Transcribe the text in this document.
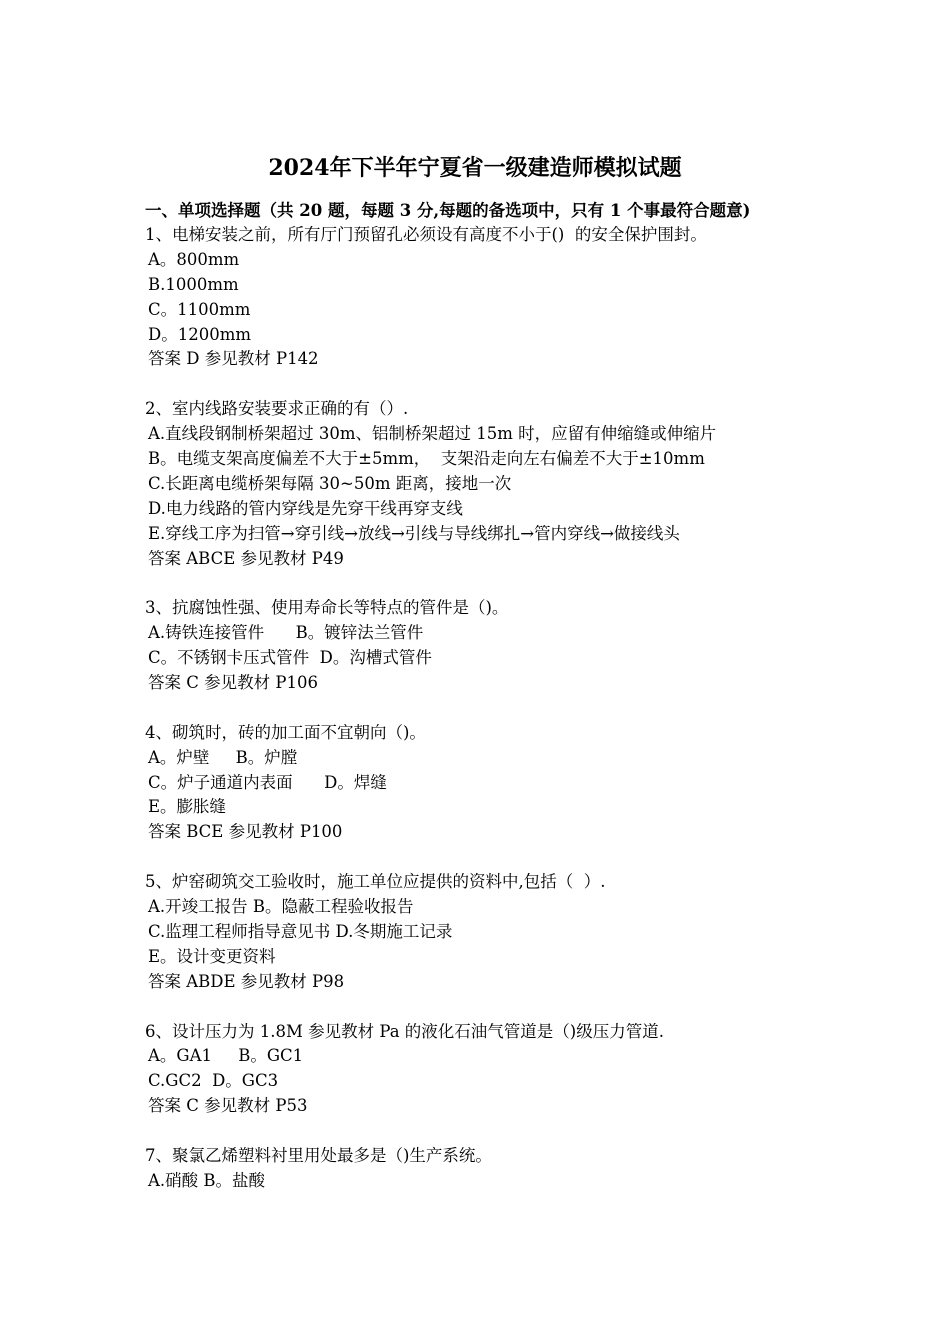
2024年下半年宁夏省一级建造师模拟试题
一、单项选择题（共 20 题，每题 3 分,每题的备选项中，只有 1 个事最符合题意)
1、电梯安装之前，所有厅门预留孔必须设有高度不小于()  的安全保护围封。
A。800mm
B.1000mm
C。1100mm
D。1200mm
答案 D 参见教材 P142
2、室内线路安装要求正确的有（）.
A.直线段钢制桥架超过 30m、铝制桥架超过 15m 时，应留有伸缩缝或伸缩片
B。电缆支架高度偏差不大于±5mm，  支架沿走向左右偏差不大于±10mm
C.长距离电缆桥架每隔 30~50m 距离，接地一次
D.电力线路的管内穿线是先穿干线再穿支线
E.穿线工序为扫管→穿引线→放线→引线与导线绑扎→管内穿线→做接线头
答案 ABCE 参见教材 P49
3、抗腐蚀性强、使用寿命长等特点的管件是（)。
A.铸铁连接管件      B。镀锌法兰管件
C。不锈钢卡压式管件  D。沟槽式管件
答案 C 参见教材 P106
4、砌筑时，砖的加工面不宜朝向（)。
A。炉壁     B。炉膛
C。炉子通道内表面      D。焊缝
E。膨胀缝
答案 BCE 参见教材 P100
5、炉窑砌筑交工验收时，施工单位应提供的资料中,包括（  ）.
A.开竣工报告 B。隐蔽工程验收报告
C.监理工程师指导意见书 D.冬期施工记录
E。设计变更资料
答案 ABDE 参见教材 P98
6、设计压力为 1.8M 参见教材 Pa 的液化石油气管道是（)级压力管道.
A。GA1     B。GC1
C.GC2  D。GC3
答案 C 参见教材 P53
7、聚氯乙烯塑料衬里用处最多是（)生产系统。
A.硝酸 B。盐酸
